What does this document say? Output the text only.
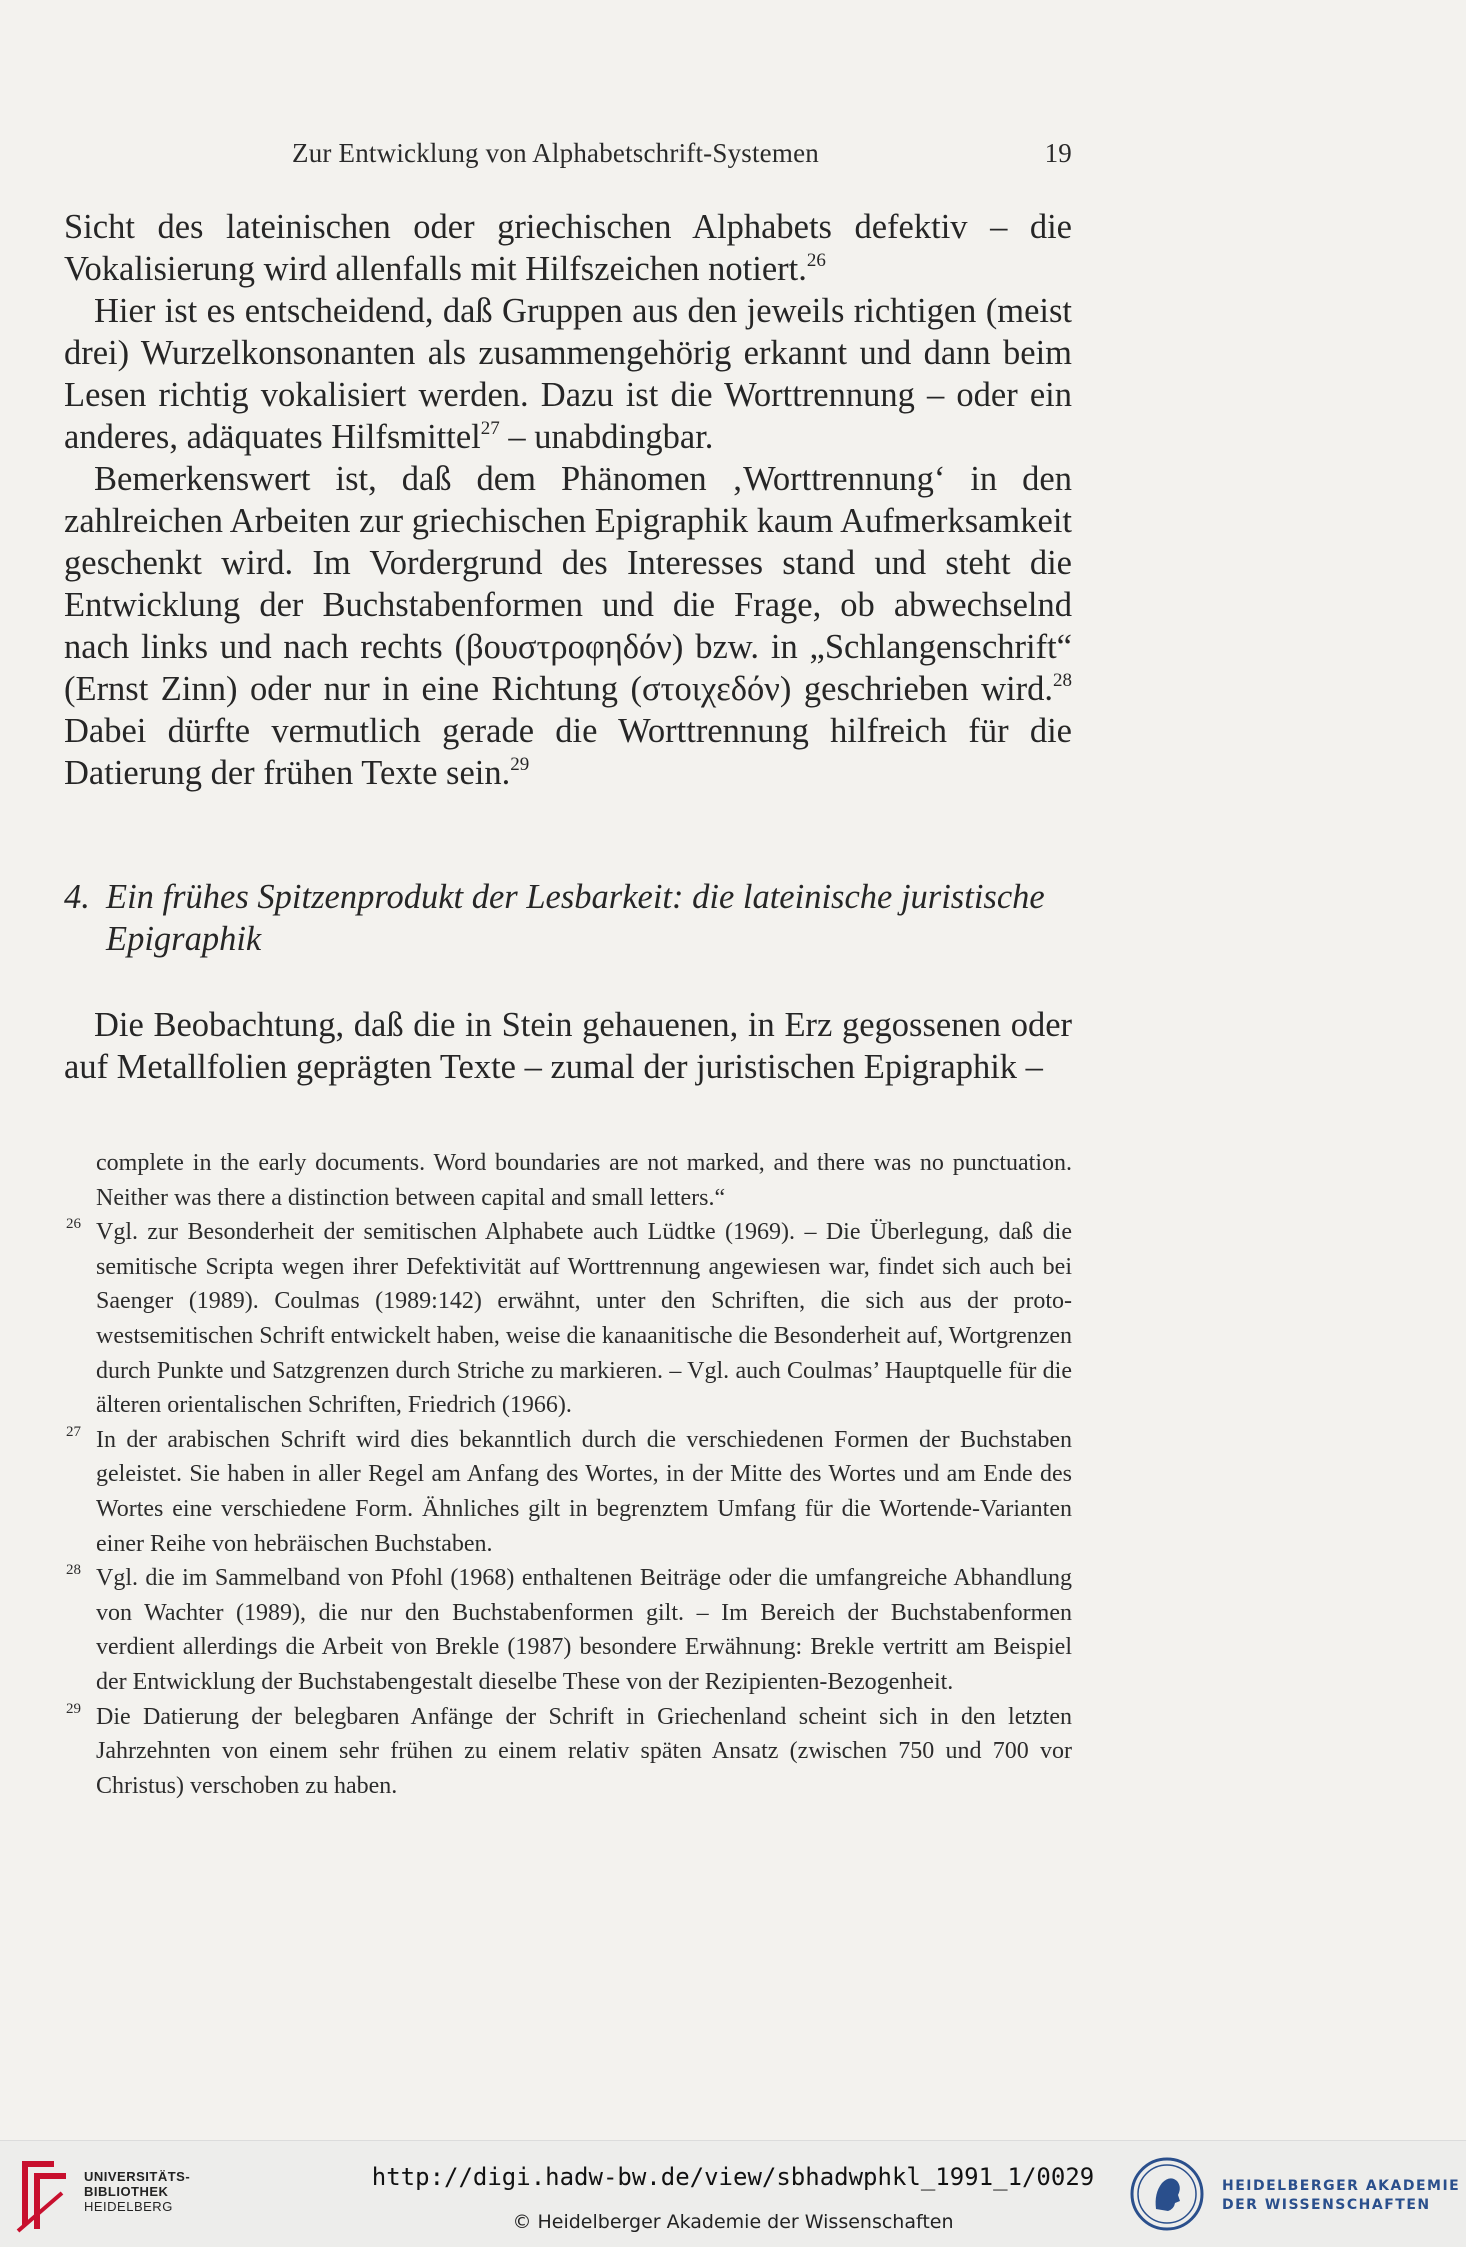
Zur Entwicklung von Alphabetschrift-Systemen	19

Sicht des lateinischen oder griechischen Alphabets defektiv – die Vokalisierung wird allenfalls mit Hilfszeichen notiert.$^{26}$

Hier ist es entscheidend, daß Gruppen aus den jeweils richtigen (meist drei) Wurzelkonsonanten als zusammengehörig erkannt und dann beim Lesen richtig vokalisiert werden. Dazu ist die Worttrennung – oder ein anderes, adäquates Hilfsmittel$^{27}$ – unabdingbar.

Bemerkenswert ist, daß dem Phänomen ‚Worttrennung‘ in den zahlreichen Arbeiten zur griechischen Epigraphik kaum Aufmerksamkeit geschenkt wird. Im Vordergrund des Interesses stand und steht die Entwicklung der Buchstabenformen und die Frage, ob abwechselnd nach links und nach rechts (βουστροφηδόν) bzw. in „Schlangenschrift“ (Ernst Zinn) oder nur in eine Richtung (στοιχεδόν) geschrieben wird.$^{28}$ Dabei dürfte vermutlich gerade die Worttrennung hilfreich für die Datierung der frühen Texte sein.$^{29}$

4. Ein frühes Spitzenprodukt der Lesbarkeit: die lateinische juristische
Epigraphik

Die Beobachtung, daß die in Stein gehauenen, in Erz gegossenen oder auf Metallfolien geprägten Texte – zumal der juristischen Epigraphik –

complete in the early documents. Word boundaries are not marked, and there was no punctuation. Neither was there a distinction between capital and small letters.“

26 Vgl. zur Besonderheit der semitischen Alphabete auch Lüdtke (1969). – Die Überlegung, daß die semitische Scripta wegen ihrer Defektivität auf Worttrennung angewiesen war, findet sich auch bei Saenger (1989). Coulmas (1989:142) erwähnt, unter den Schriften, die sich aus der proto-westsemitischen Schrift entwickelt haben, weise die kanaanitische die Besonderheit auf, Wortgrenzen durch Punkte und Satzgrenzen durch Striche zu markieren. – Vgl. auch Coulmas’ Hauptquelle für die älteren orientalischen Schriften, Friedrich (1966).

27 In der arabischen Schrift wird dies bekanntlich durch die verschiedenen Formen der Buchstaben geleistet. Sie haben in aller Regel am Anfang des Wortes, in der Mitte des Wortes und am Ende des Wortes eine verschiedene Form. Ähnliches gilt in begrenztem Umfang für die Wortende-Varianten einer Reihe von hebräischen Buchstaben.

28 Vgl. die im Sammelband von Pfohl (1968) enthaltenen Beiträge oder die umfangreiche Abhandlung von Wachter (1989), die nur den Buchstabenformen gilt. – Im Bereich der Buchstabenformen verdient allerdings die Arbeit von Brekle (1987) besondere Erwähnung: Brekle vertritt am Beispiel der Entwicklung der Buchstabengestalt dieselbe These von der Rezipienten-Bezogenheit.

29 Die Datierung der belegbaren Anfänge der Schrift in Griechenland scheint sich in den letzten Jahrzehnten von einem sehr frühen zu einem relativ späten Ansatz (zwischen 750 und 700 vor Christus) verschoben zu haben.

UNIVERSITÄTS-
BIBLIOTHEK
HEIDELBERG
http://digi.hadw-bw.de/view/sbhadwphkl_1991_1/0029
© Heidelberger Akademie der Wissenschaften
HEIDELBERGER AKADEMIE
DER WISSENSCHAFTEN
